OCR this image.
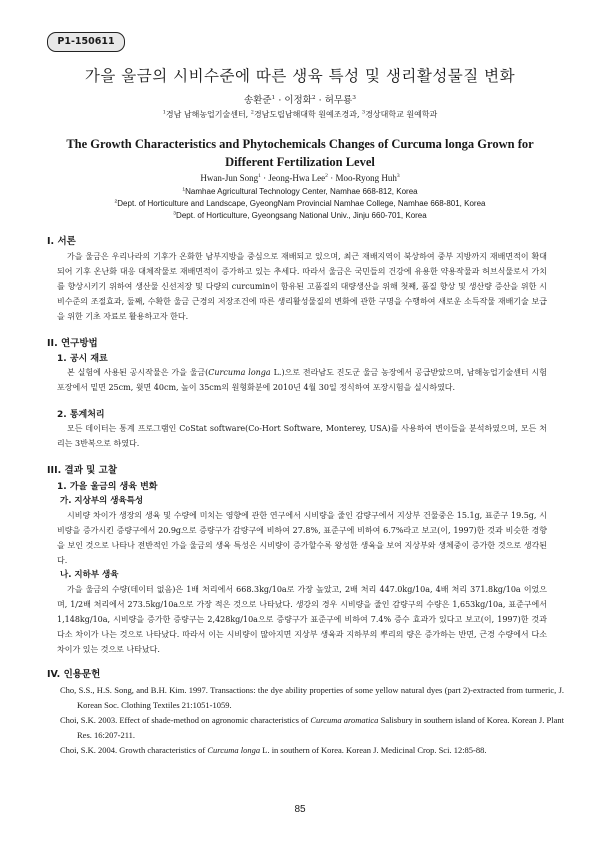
P1-150611
가을 울금의 시비수준에 따른 생육 특성 및 생리활성물질 변화
송환준$^1$ · 이정화$^2$ · 허무룡$^3$
$^1$경남 남해농업기술센터, $^2$경남도립남해대학 원예조경과, $^3$경상대학교 원예학과
The Growth Characteristics and Phytochemicals Changes of Curcuma longa Grown for Different Fertilization Level
Hwan-Jun Song$^1$ · Jeong-Hwa Lee$^2$ · Moo-Ryong Huh$^3$
$^1$Namhae Agricultural Technology Center, Namhae 668-812, Korea
$^2$Dept. of Horticulture and Landscape, GyeongNam Provincial Namhae College, Namhae 668-801, Korea
$^3$Dept. of Horticulture, Gyeongsang National Univ., Jinju 660-701, Korea
I. 서론
가을 울금은 우리나라의 기후가 온화한 남부지방을 중심으로 재배되고 있으며, 최근 재배지역이 북상하여 중부 지방까지 재배면적이 확대되어 기후 온난화 대응 대체작물로 재배면적이 증가하고 있는 추세다. 따라서 울금은 국민들의 건강에 유용한 약용작물과 허브식물로서 가치를 향상시키기 위하여 생산물 신선저장 및 다량의 curcumin이 함유된 고품질의 대량생산을 위해 첫째, 품질 향상 및 생산량 증산을 위한 시비수준의 조절효과, 둘째, 수확한 울금 근경의 저장조건에 따른 생리활성물질의 변화에 관한 구명을 수행하여 새로운 소득작물 재배기술 보급을 위한 기초 자료로 활용하고자 한다.
II. 연구방법
1. 공시 재료
본 실험에 사용된 공시작물은 가을 울금(Curcuma longa L.)으로 전라남도 진도군 울금 농장에서 공급받았으며, 남해농업기술센터 시험포장에서 밑면 25cm, 윗면 40cm, 높이 35cm의 원형화분에 2010년 4월 30일 정식하여 포장시험을 실시하였다.
2. 통계처리
모든 데이터는 통계 프로그램인 CoStat software(Co-Hort Software, Monterey, USA)를 사용하여 변이들을 분석하였으며, 모든 처리는 3반복으로 하였다.
III. 결과 및 고찰
1. 가을 울금의 생육 변화
가. 지상부의 생육특성
시비량 차이가 생장의 생육 및 수량에 미치는 영향에 관한 연구에서 시비량을 줄인 감량구에서 지상부 건물중은 15.1g, 표준구 19.5g, 시비량을 증가시킨 증량구에서 20.9g으로 증량구가 감량구에 비하여 27.8%, 표준구에 비하여 6.7%라고 보고(이, 1997)한 것과 비슷한 경향을 보인 것으로 나타나 전반적인 가을 울금의 생육 특성은 시비량이 증가할수록 왕성한 생육을 보여 지상부와 생체중이 증가한 것으로 생각된다.
나. 지하부 생육
가을 울금의 수량(데이터 없음)은 1배 처리에서 668.3kg/10a로 가장 높았고, 2배 처리 447.0kg/10a, 4배 처리 371.8kg/10a 이었으며, 1/2배 처리에서 273.5kg/10a으로 가장 적은 것으로 나타났다. 생강의 경우 시비량을 줄인 감량구의 수량은 1,653kg/10a, 표준구에서 1,148kg/10a, 시비량을 증가한 증량구는 2,428kg/10a으로 증량구가 표준구에 비하여 7.4% 증수 효과가 있다고 보고(이, 1997)한 것과 다소 차이가 나는 것으로 나타났다. 따라서 이는 시비량이 많아지면 지상부 생육과 지하부의 뿌리의 량은 증가하는 반면, 근경 수량에서 다소 차이가 있는 것으로 나타났다.
IV. 인용문헌
Cho, S.S., H.S. Song, and B.H. Kim. 1997. Transactions: the dye ability properties of some yellow natural dyes (part 2)-extracted from turmeric, J. Korean Soc. Clothing Textiles 21:1051-1059.
Choi, S.K. 2003. Effect of shade-method on agronomic characteristics of Curcuma aromatica Salisbury in southern island of Korea. Korean J. Plant Res. 16:207-211.
Choi, S.K. 2004. Growth characteristics of Curcuma longa L. in southern of Korea. Korean J. Medicinal Crop. Sci. 12:85-88.
85
